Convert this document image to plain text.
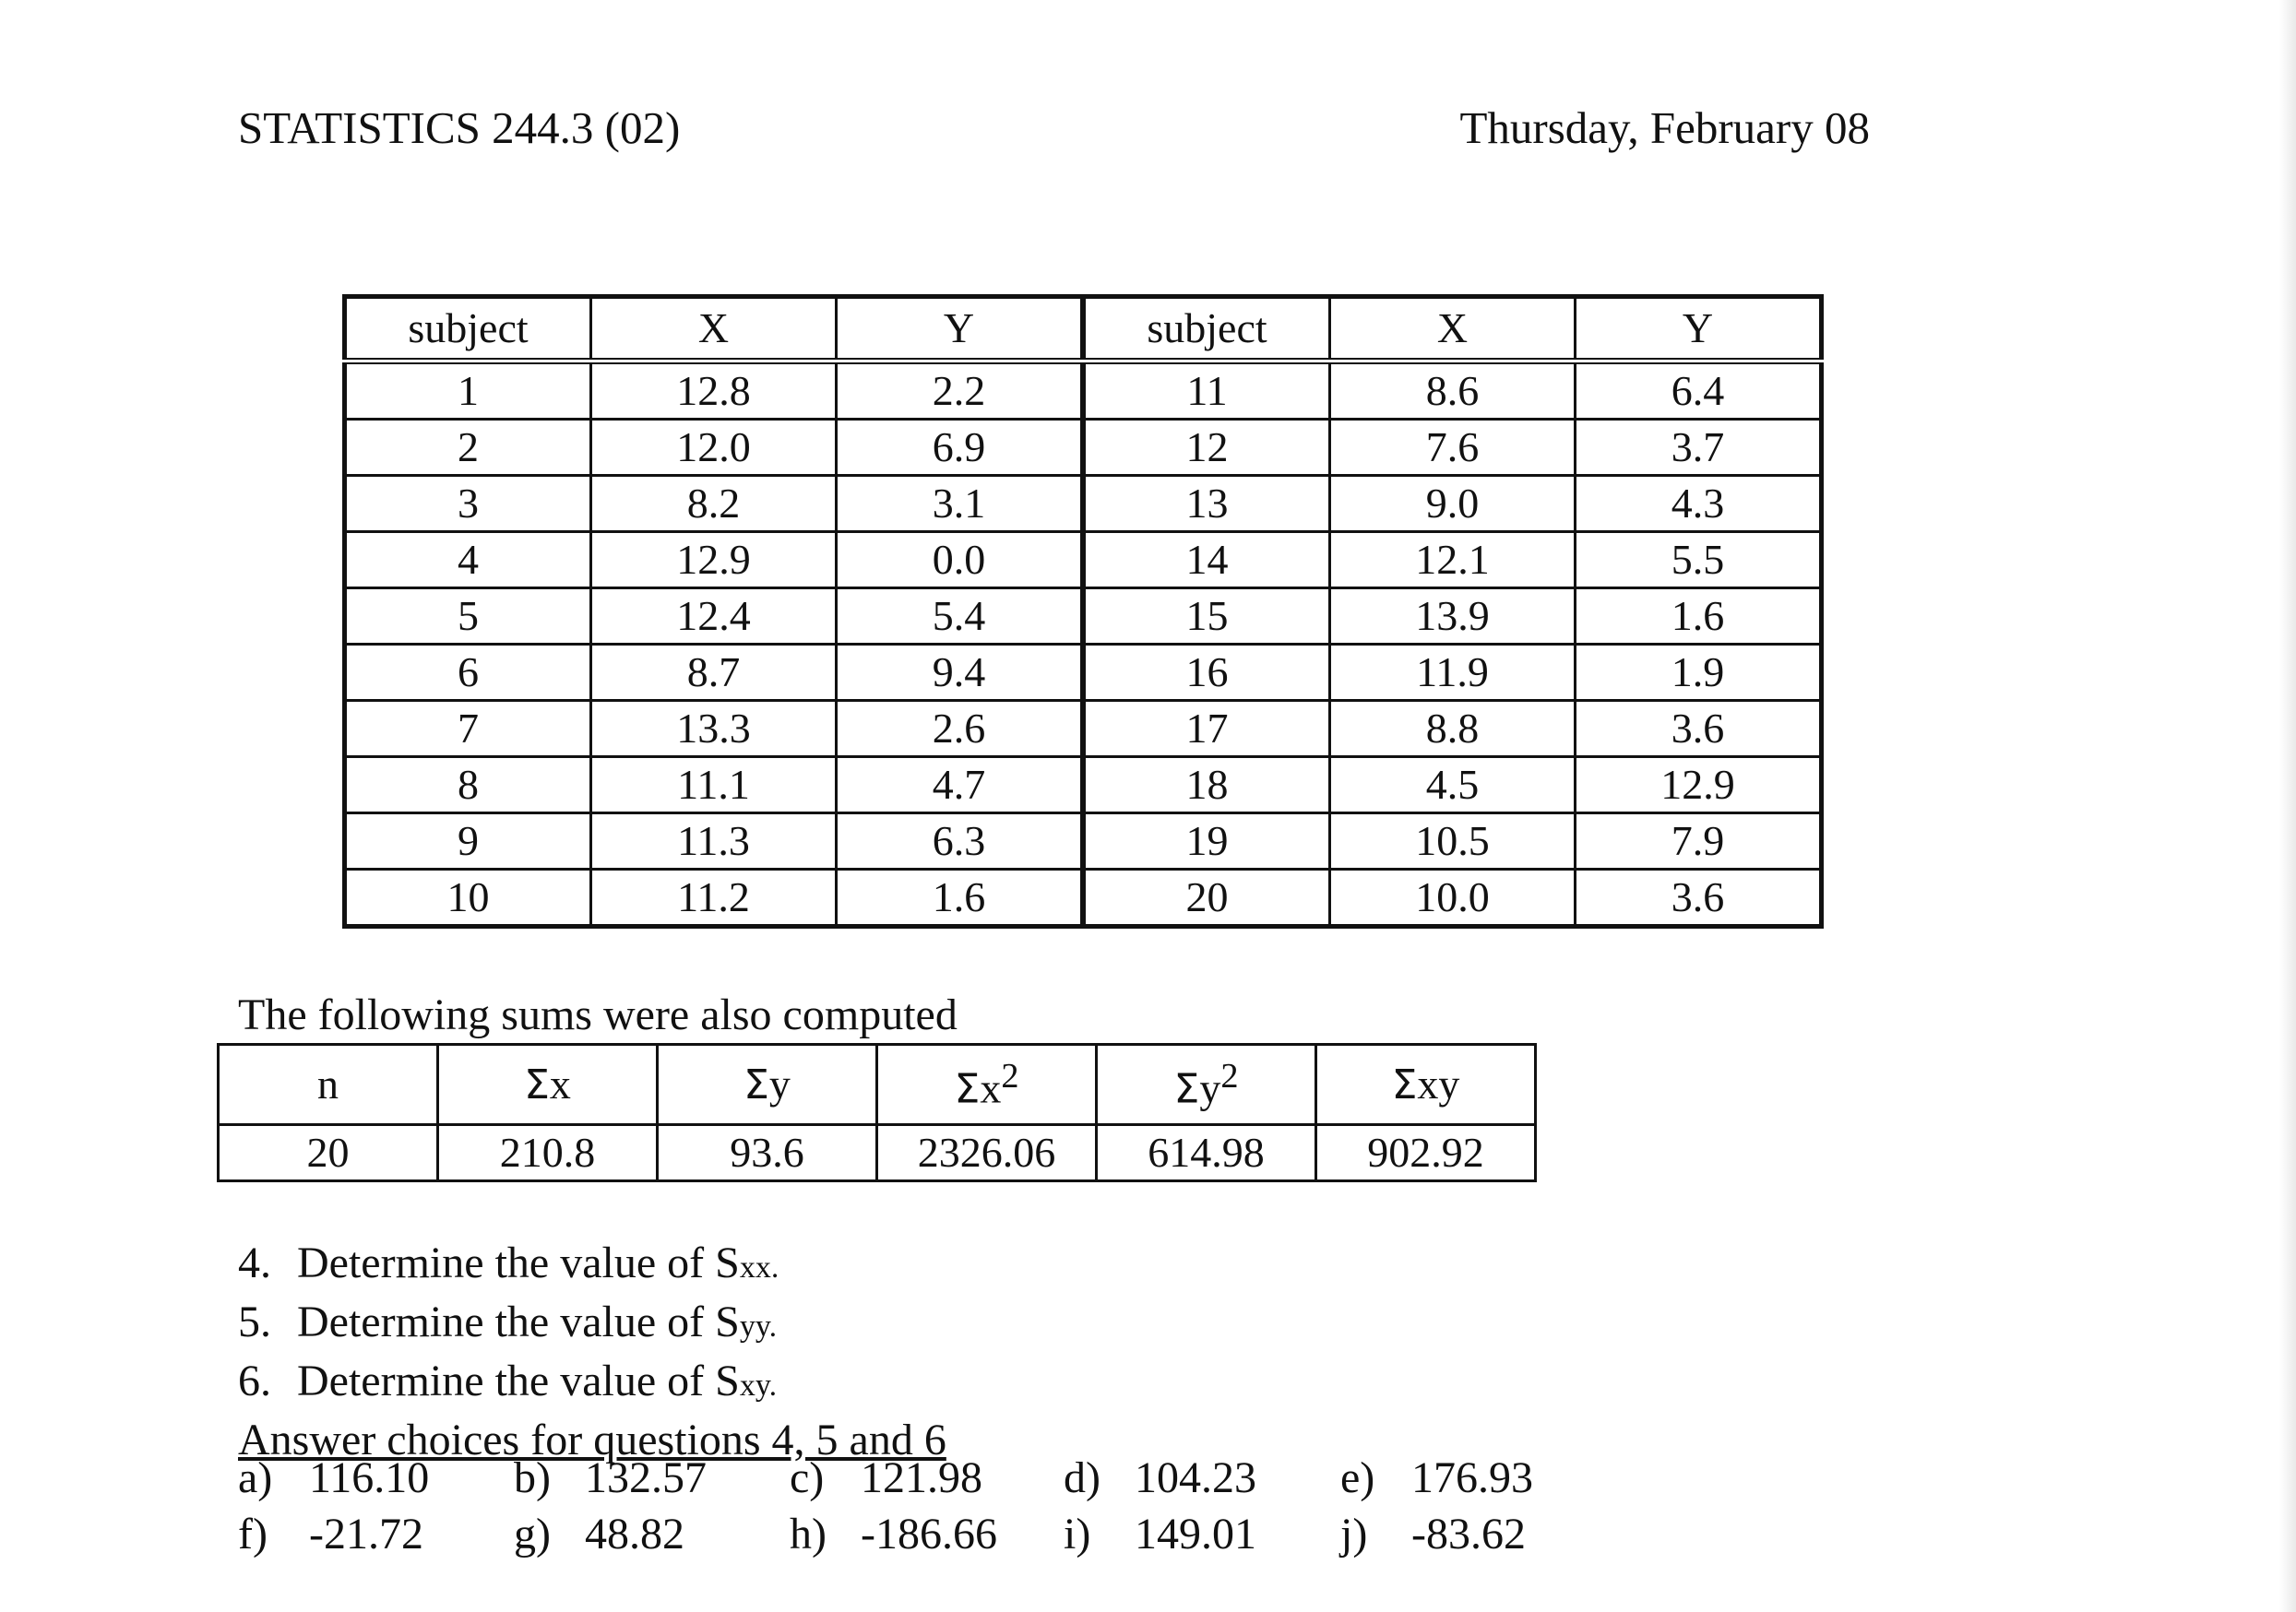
STATISTICS 244.3 (02)	Thursday, February 08
subject	X	Y	subject	X	Y
1	12.8	2.2	11	8.6	6.4
2	12.0	6.9	12	7.6	3.7
3	8.2	3.1	13	9.0	4.3
4	12.9	0.0	14	12.1	5.5
5	12.4	5.4	15	13.9	1.6
6	8.7	9.4	16	11.9	1.9
7	13.3	2.6	17	8.8	3.6
8	11.1	4.7	18	4.5	12.9
9	11.3	6.3	19	10.5	7.9
10	11.2	1.6	20	10.0	3.6
The following sums were also computed
n	Σx	Σy	$\Sigma x^2$	$\Sigma y^2$	Σxy
20	210.8	93.6	2326.06	614.98	902.92
4. Determine the value of Sxx.
5. Determine the value of Syy.
6. Determine the value of Sxy.
Answer choices for questions 4, 5 and 6
a) 116.10 b) 132.57 c) 121.98 d) 104.23 e) 176.93
f) -21.72 g) 48.82 h) -186.66 i) 149.01 j) -83.62
